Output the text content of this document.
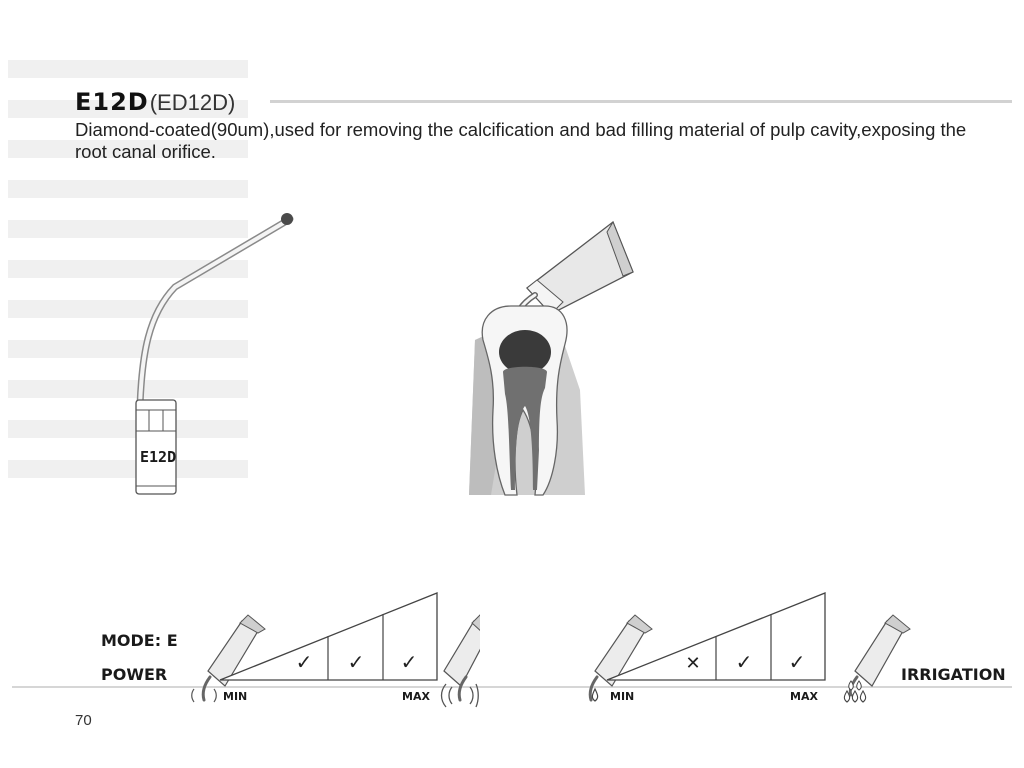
E12D (ED12D)

Diamond-coated(90um),used for removing the calcification and bad filling material of pulp cavity,exposing the root canal orifice.

E12D
MODE: E
POWER	IRRIGATION
✓ ✓ ✓
MIN	MAX
✕ ✓ ✓
MIN	MAX
70
